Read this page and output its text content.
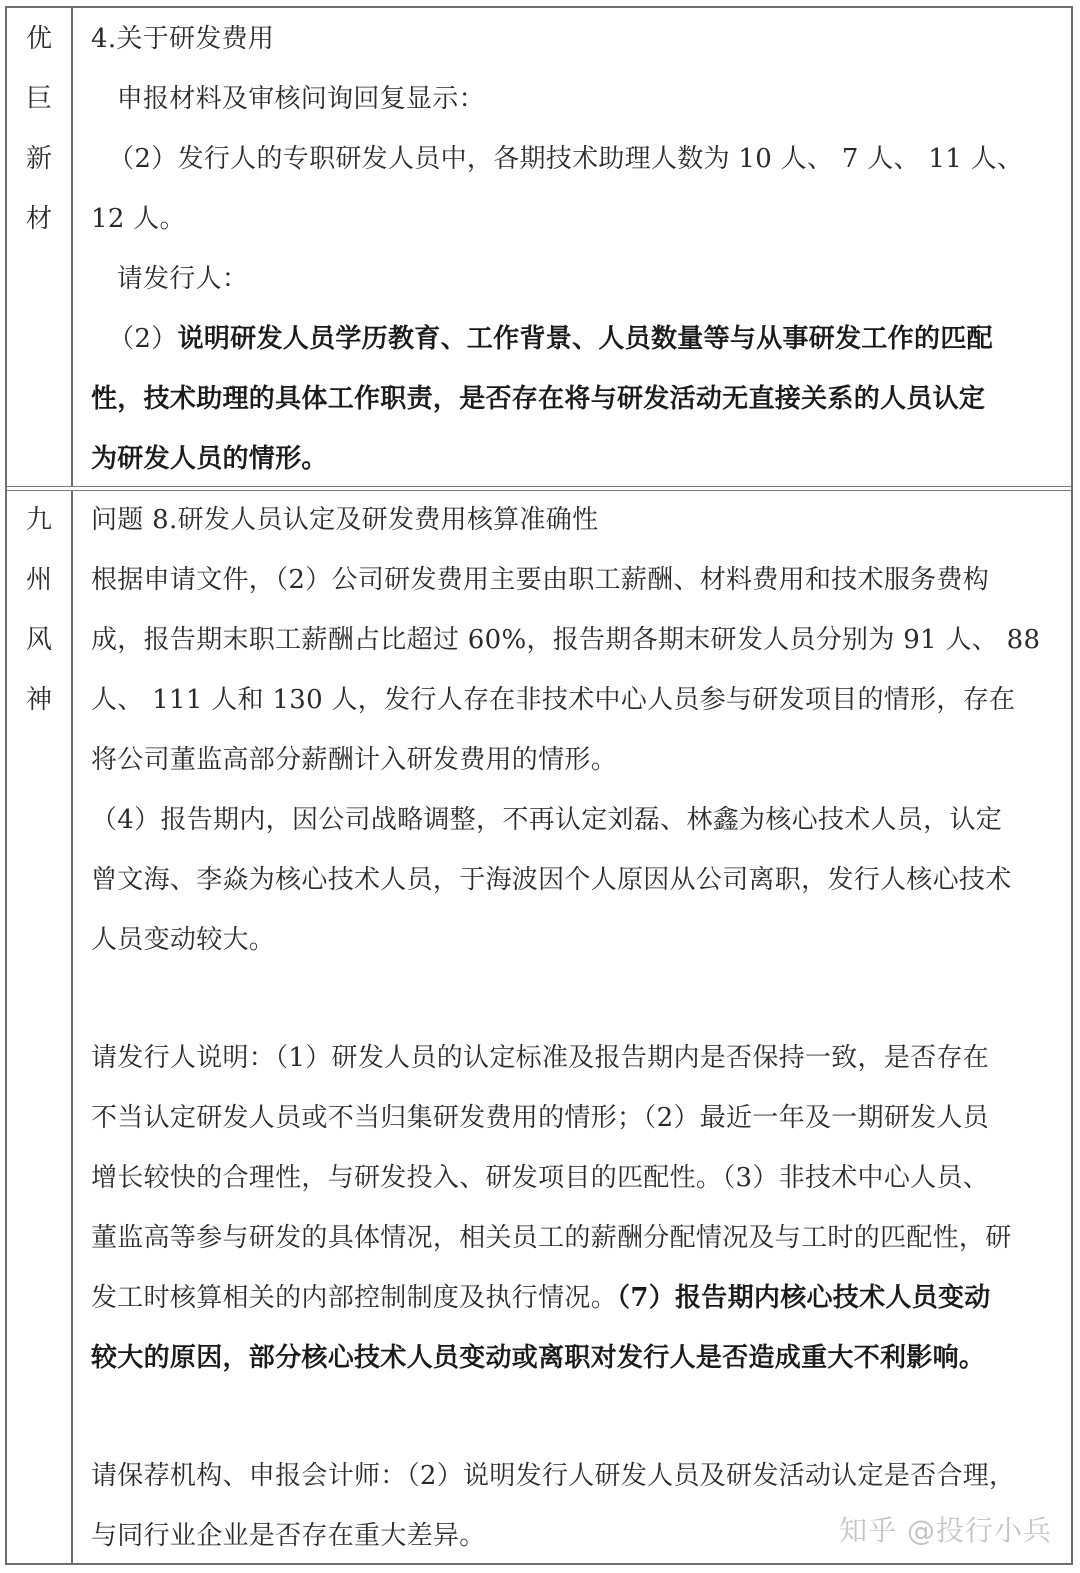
优
巨
新
材
4.关于研发费用
申报材料及审核问询回复显示：
（2）发行人的专职研发人员中，各期技术助理人数为 10 人、 7 人、 11 人、
12 人。
请发行人：
（2）说明研发人员学历教育、工作背景、人员数量等与从事研发工作的匹配
性，技术助理的具体工作职责，是否存在将与研发活动无直接关系的人员认定
为研发人员的情形。
九
州
风
神
问题 8.研发人员认定及研发费用核算准确性
根据申请文件，（2）公司研发费用主要由职工薪酬、材料费用和技术服务费构
成，报告期末职工薪酬占比超过 60%，报告期各期末研发人员分别为 91 人、 88
人、 111 人和 130 人，发行人存在非技术中心人员参与研发项目的情形，存在
将公司董监高部分薪酬计入研发费用的情形。
（4）报告期内，因公司战略调整，不再认定刘磊、林鑫为核心技术人员，认定
曾文海、李焱为核心技术人员，于海波因个人原因从公司离职，发行人核心技术
人员变动较大。
请发行人说明：（1）研发人员的认定标准及报告期内是否保持一致，是否存在
不当认定研发人员或不当归集研发费用的情形；（2）最近一年及一期研发人员
增长较快的合理性，与研发投入、研发项目的匹配性。（3）非技术中心人员、
董监高等参与研发的具体情况，相关员工的薪酬分配情况及与工时的匹配性，研
发工时核算相关的内部控制制度及执行情况。（7）报告期内核心技术人员变动
较大的原因，部分核心技术人员变动或离职对发行人是否造成重大不利影响。
请保荐机构、申报会计师：（2）说明发行人研发人员及研发活动认定是否合理，
与同行业企业是否存在重大差异。	知乎 @投行小兵
